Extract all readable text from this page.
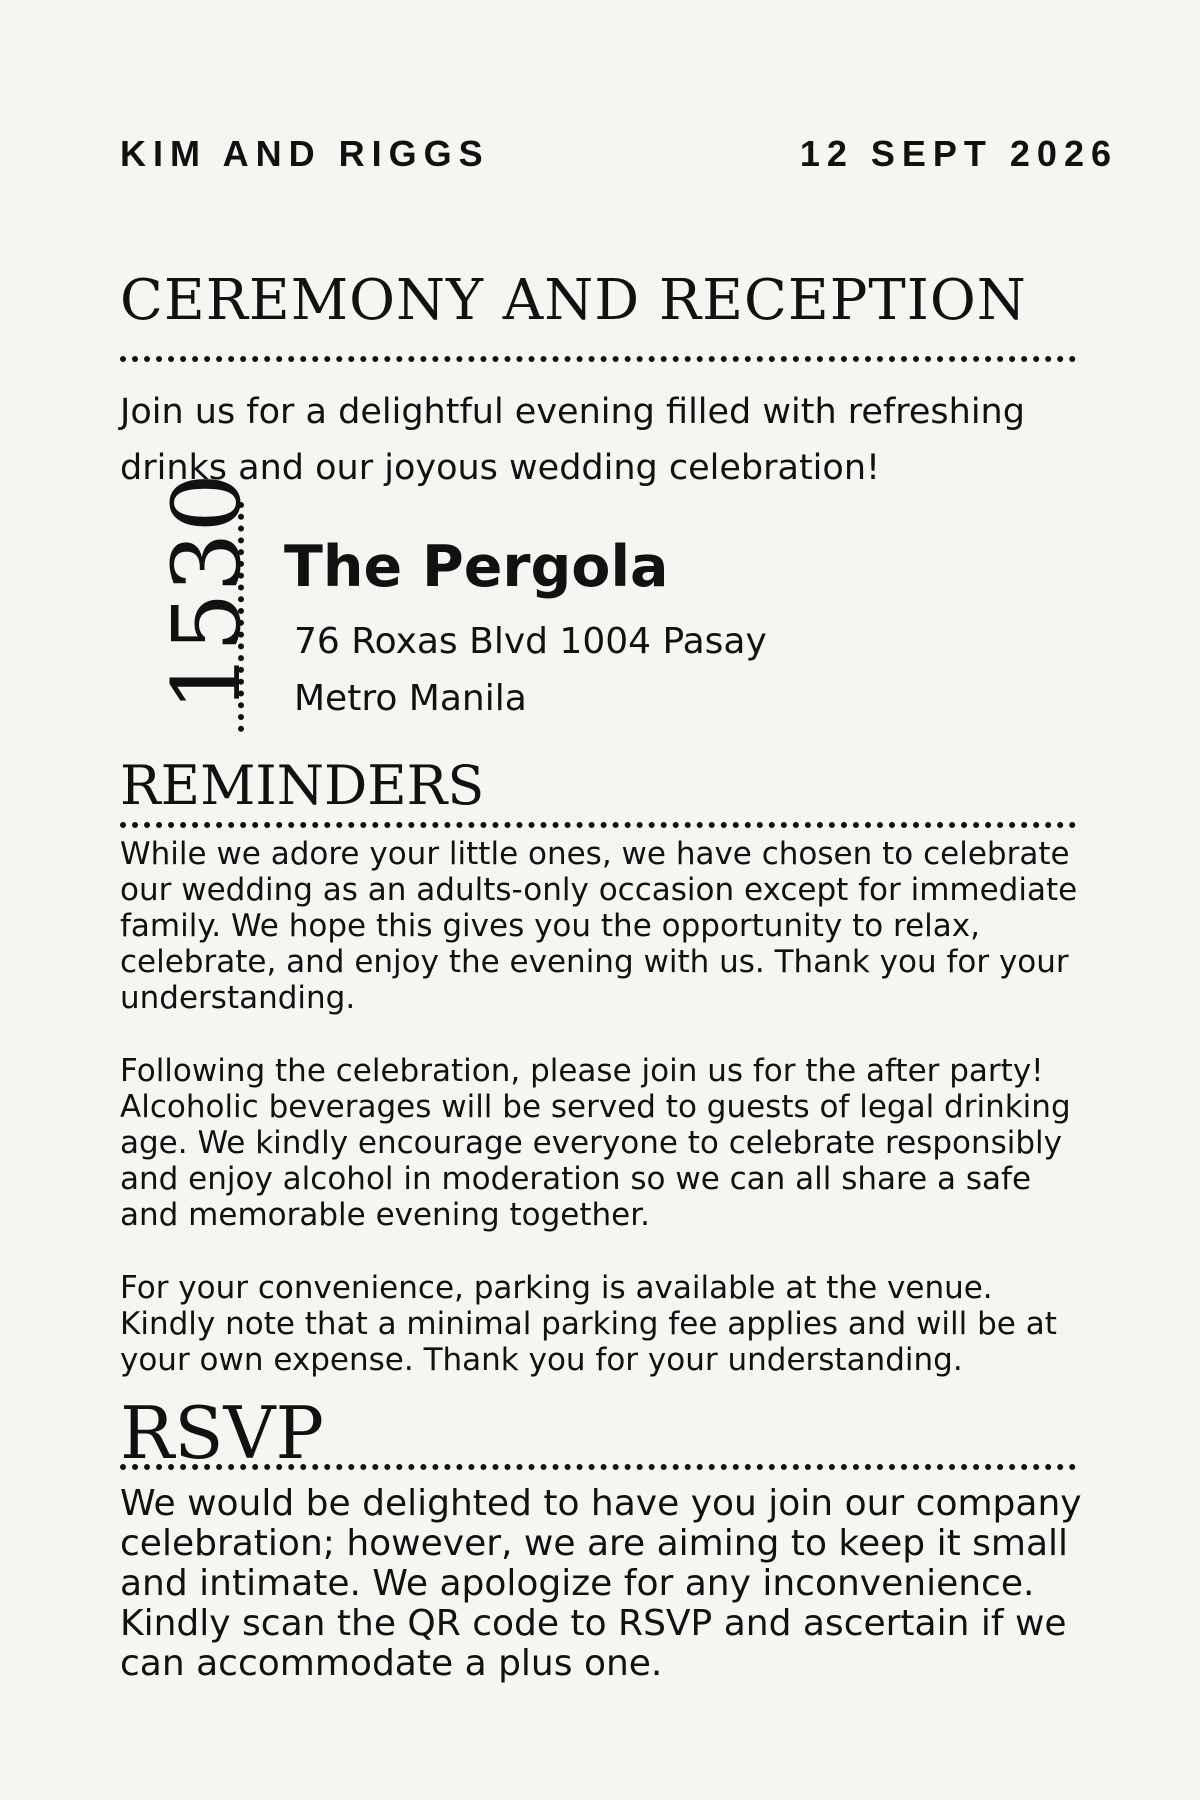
KIM AND RIGGS	12 SEPT 2026
CEREMONY AND RECEPTION

Join us for a delightful evening filled with refreshing drinks and our joyous wedding celebration!

1530 The Pergola
76 Roxas Blvd 1004 Pasay
Metro Manila
REMINDERS

While we adore your little ones, we have chosen to celebrate our wedding as an adults-only occasion except for immediate family. We hope this gives you the opportunity to relax, celebrate, and enjoy the evening with us. Thank you for your understanding.

Following the celebration, please join us for the after party! Alcoholic beverages will be served to guests of legal drinking age. We kindly encourage everyone to celebrate responsibly and enjoy alcohol in moderation so we can all share a safe and memorable evening together.

For your convenience, parking is available at the venue. Kindly note that a minimal parking fee applies and will be at your own expense. Thank you for your understanding.

RSVP

We would be delighted to have you join our company celebration; however, we are aiming to keep it small and intimate. We apologize for any inconvenience. Kindly scan the QR code to RSVP and ascertain if we can accommodate a plus one.
